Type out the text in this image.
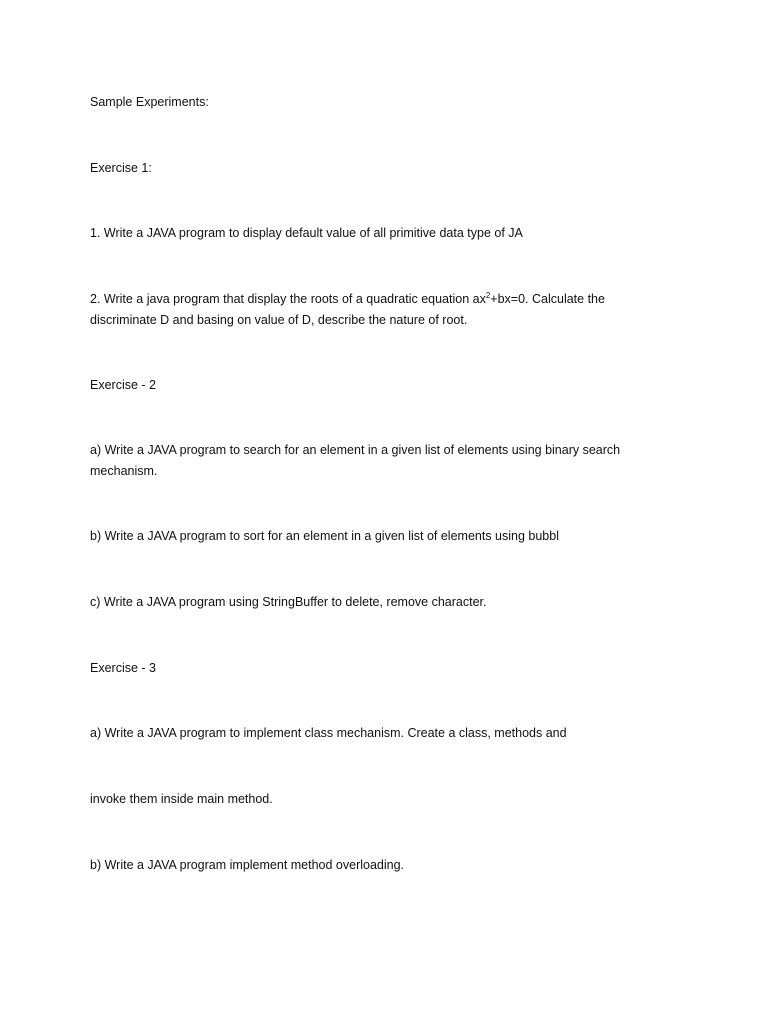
Sample Experiments:
Exercise 1:
1. Write a JAVA program to display default value of all primitive data type of JA
2. Write a java program that display the roots of a quadratic equation $ax^2+bx=0$. Calculate the discriminate D and basing on value of D, describe the nature of root.
Exercise - 2
a) Write a JAVA program to search for an element in a given list of elements using binary search mechanism.
b) Write a JAVA program to sort for an element in a given list of elements using bubbl
c) Write a JAVA program using StringBuffer to delete, remove character.
Exercise - 3
a) Write a JAVA program to implement class mechanism. Create a class, methods and
invoke them inside main method.
b) Write a JAVA program implement method overloading.
